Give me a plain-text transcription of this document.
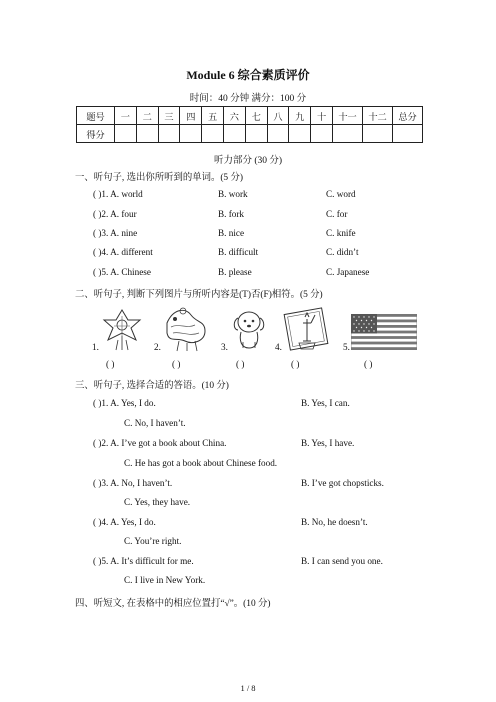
Module 6 综合素质评价
时间：40 分钟 满分：100 分
题号	一	二	三	四	五	六	七	八	九	十	十一	十二	总分
得分													
听力部分 (30 分)
一、听句子, 选出你所听到的单词。(5 分)
( )1. A. world	B. work	C. word
( )2. A. four	B. fork	C. for
( )3. A. nine	B. nice	C. knife
( )4. A. different	B. difficult	C. didn’t
( )5. A. Chinese	B. please	C. Japanese
二、听句子, 判断下列图片与所听内容是(T)否(F)相符。(5 分)
1.	2.	3.	4.	5.
( )	( )	( )	( )	( )
三、听句子, 选择合适的答语。(10 分)
( )1. A. Yes, I do.	B. Yes, I can.
C. No, I haven’t.
( )2. A. I’ve got a book about China.	B. Yes, I have.
C. He has got a book about Chinese food.
( )3. A. No, I haven’t.	B. I’ve got chopsticks.
C. Yes, they have.
( )4. A. Yes, I do.	B. No, he doesn’t.
C. You’re right.
( )5. A. It’s difficult for me.	B. I can send you one.
C. I live in New York.
四、听短文, 在表格中的相应位置打“√”。(10 分)
1 / 8
